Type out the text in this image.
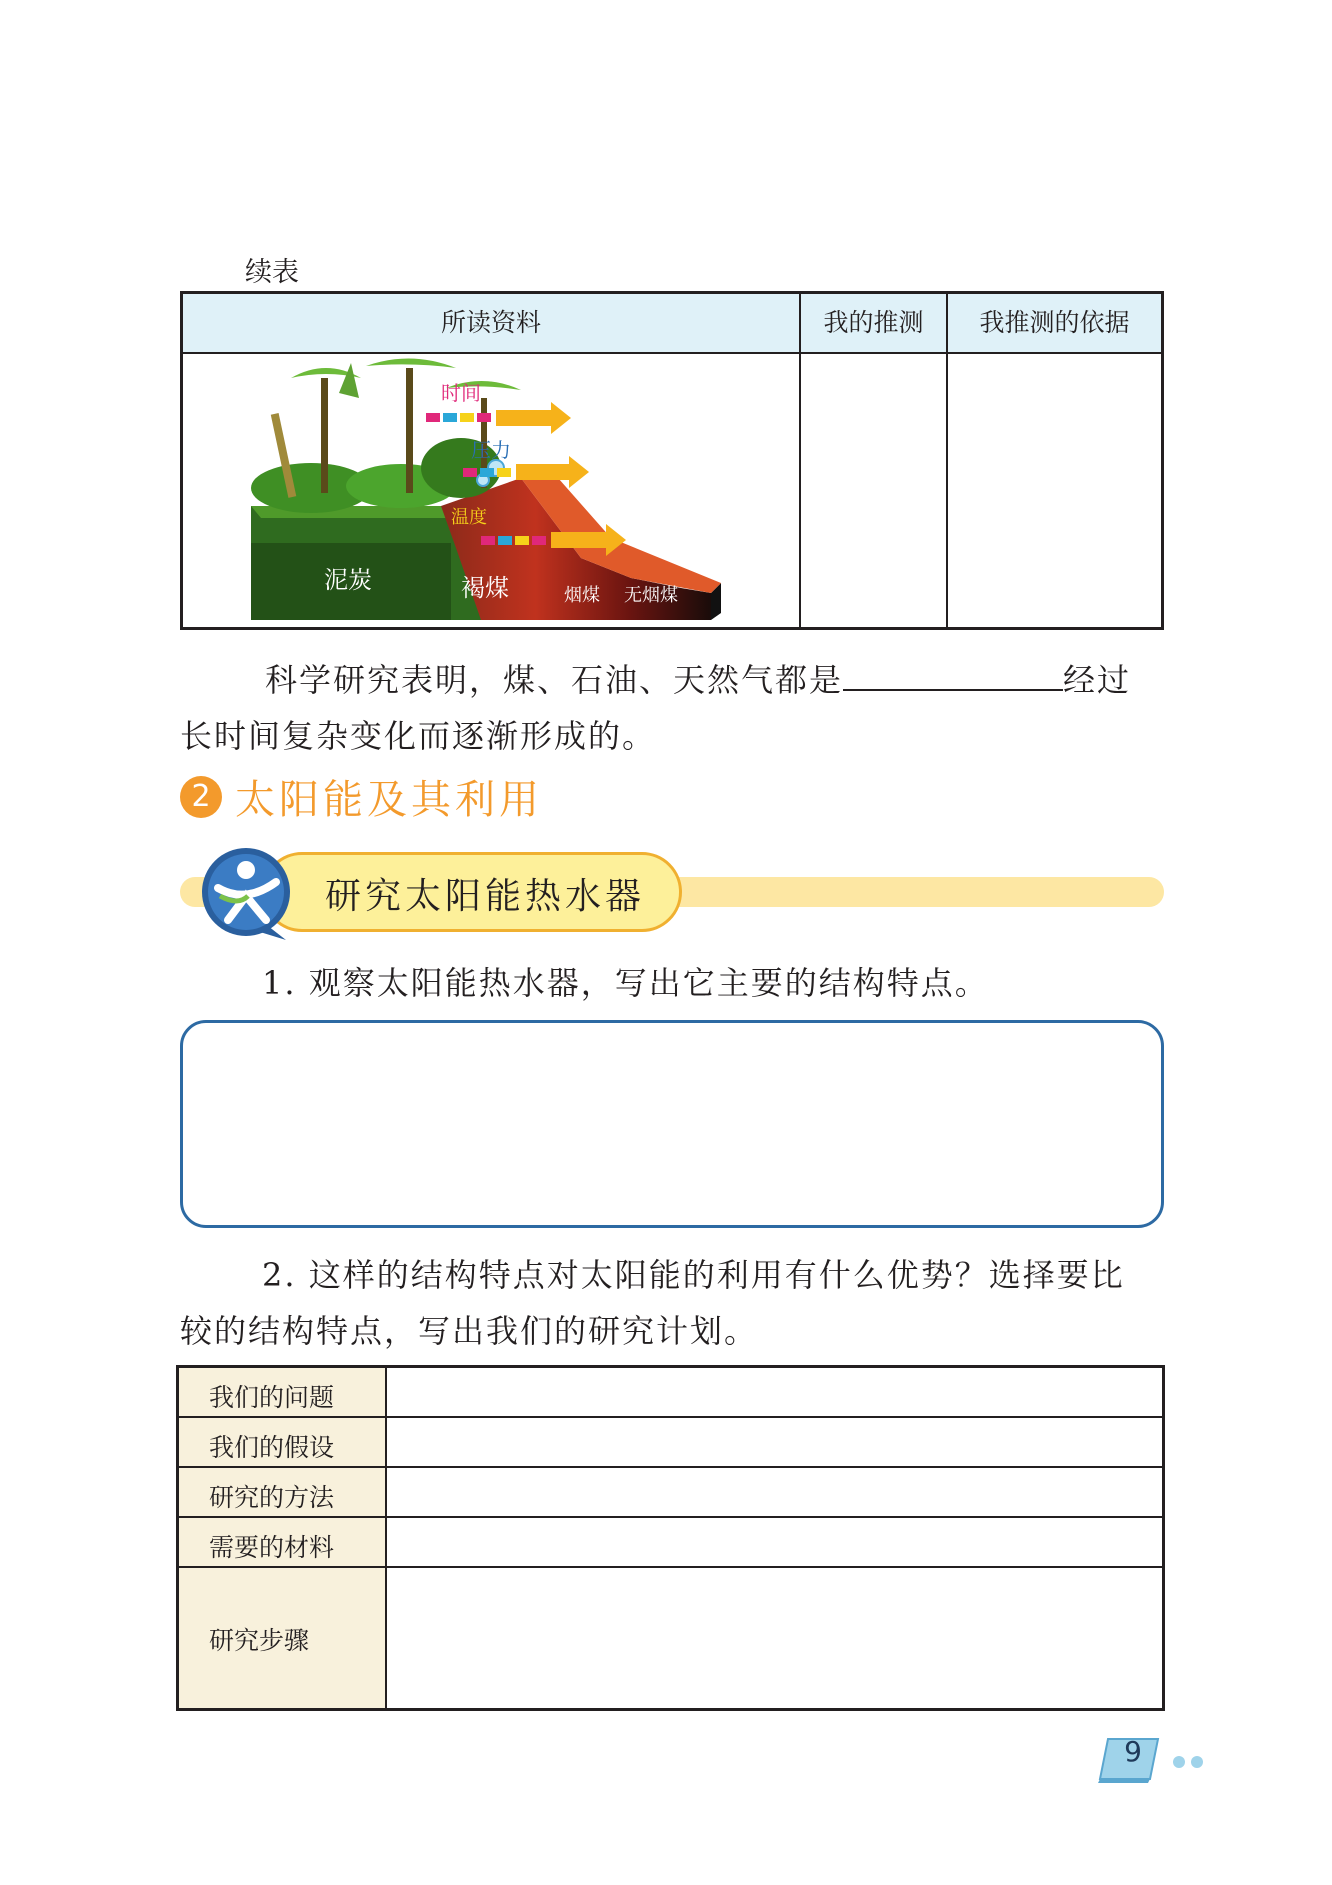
续表
所读资料	我的推测	我推测的依据
时间
压力
温度
泥炭	褐煤	烟煤 无烟煤
科学研究表明，煤、石油、天然气都是	经过
长时间复杂变化而逐渐形成的。
2 太阳能及其利用
研究太阳能热水器
1. 观察太阳能热水器，写出它主要的结构特点。
2. 这样的结构特点对太阳能的利用有什么优势？选择要比
较的结构特点，写出我们的研究计划。
我们的问题
我们的假设
研究的方法
需要的材料
研究步骤
9
